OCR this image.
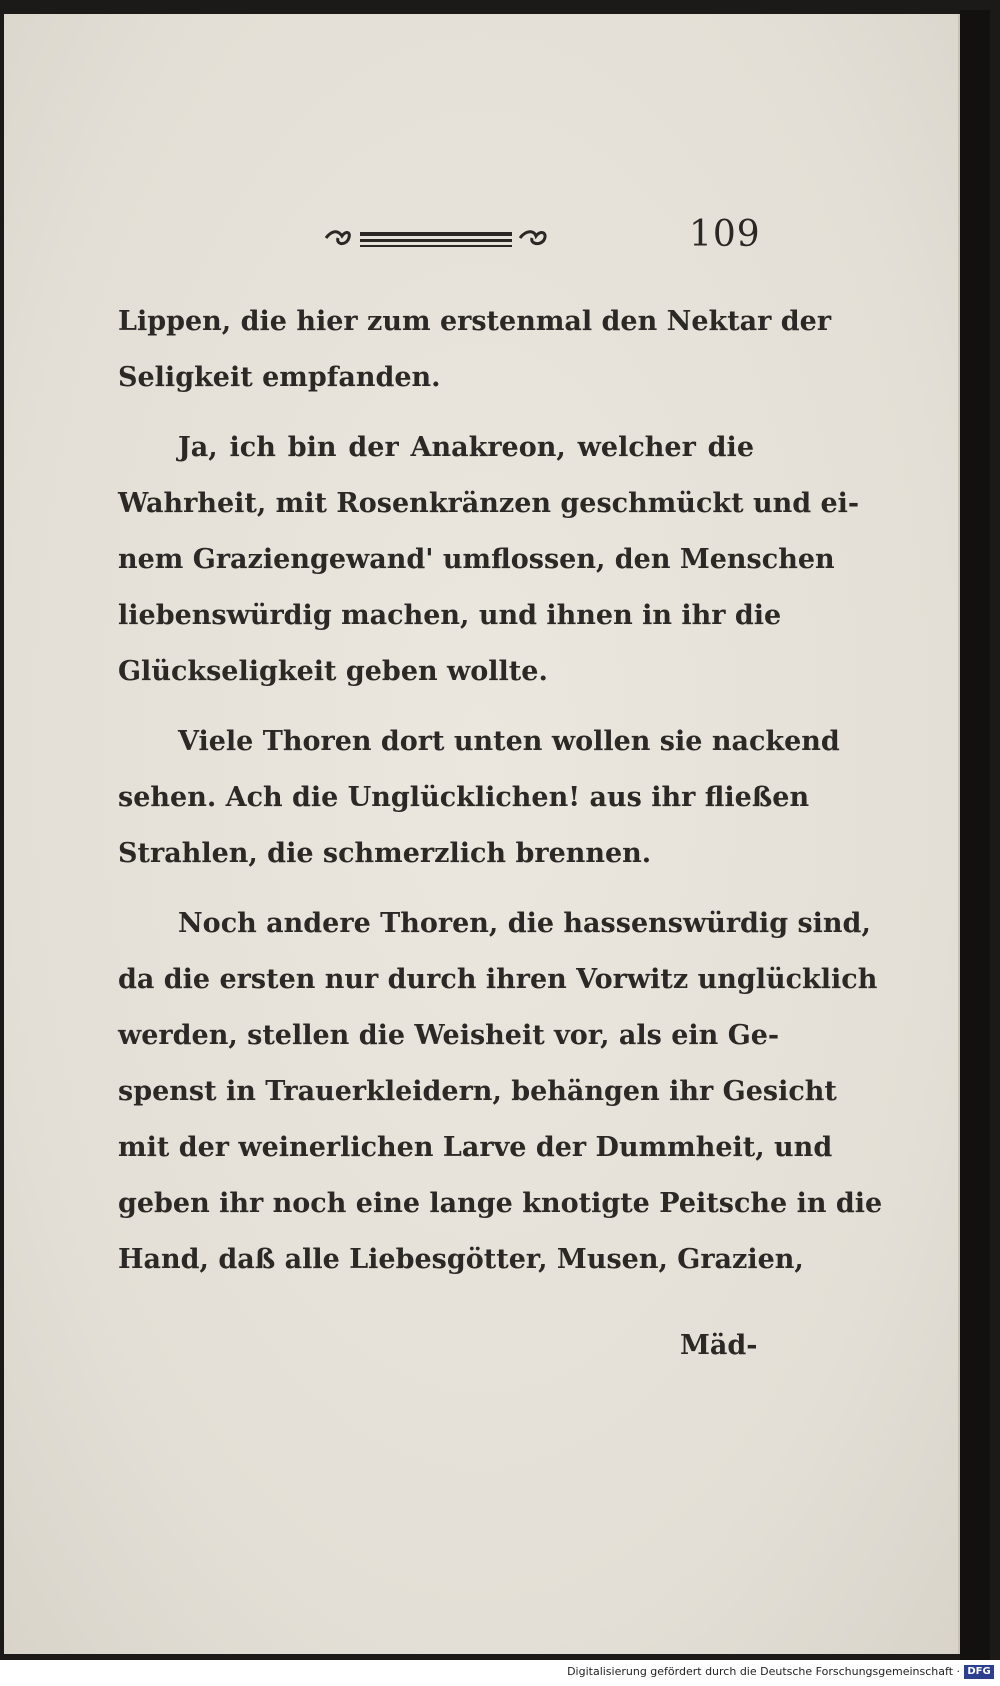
109
Lippen, die hier zum erstenmal den Nektar der
Seligkeit empfanden.
Ja, ich bin der Anakreon, welcher die
Wahrheit, mit Rosenkränzen geschmückt und ei-
nem Graziengewand' umflossen, den Menschen
liebenswürdig machen, und ihnen in ihr die
Glückseligkeit geben wollte.
Viele Thoren dort unten wollen sie nackend
sehen. Ach die Unglücklichen! aus ihr fließen
Strahlen, die schmerzlich brennen.
Noch andere Thoren, die hassenswürdig sind,
da die ersten nur durch ihren Vorwitz unglücklich
werden, stellen die Weisheit vor, als ein Ge-
spenst in Trauerkleidern, behängen ihr Gesicht
mit der weinerlichen Larve der Dummheit, und
geben ihr noch eine lange knotigte Peitsche in die
Hand, daß alle Liebesgötter, Musen, Grazien,
Mäd-
Digitalisierung gefördert durch die Deutsche Forschungsgemeinschaft · DFG
